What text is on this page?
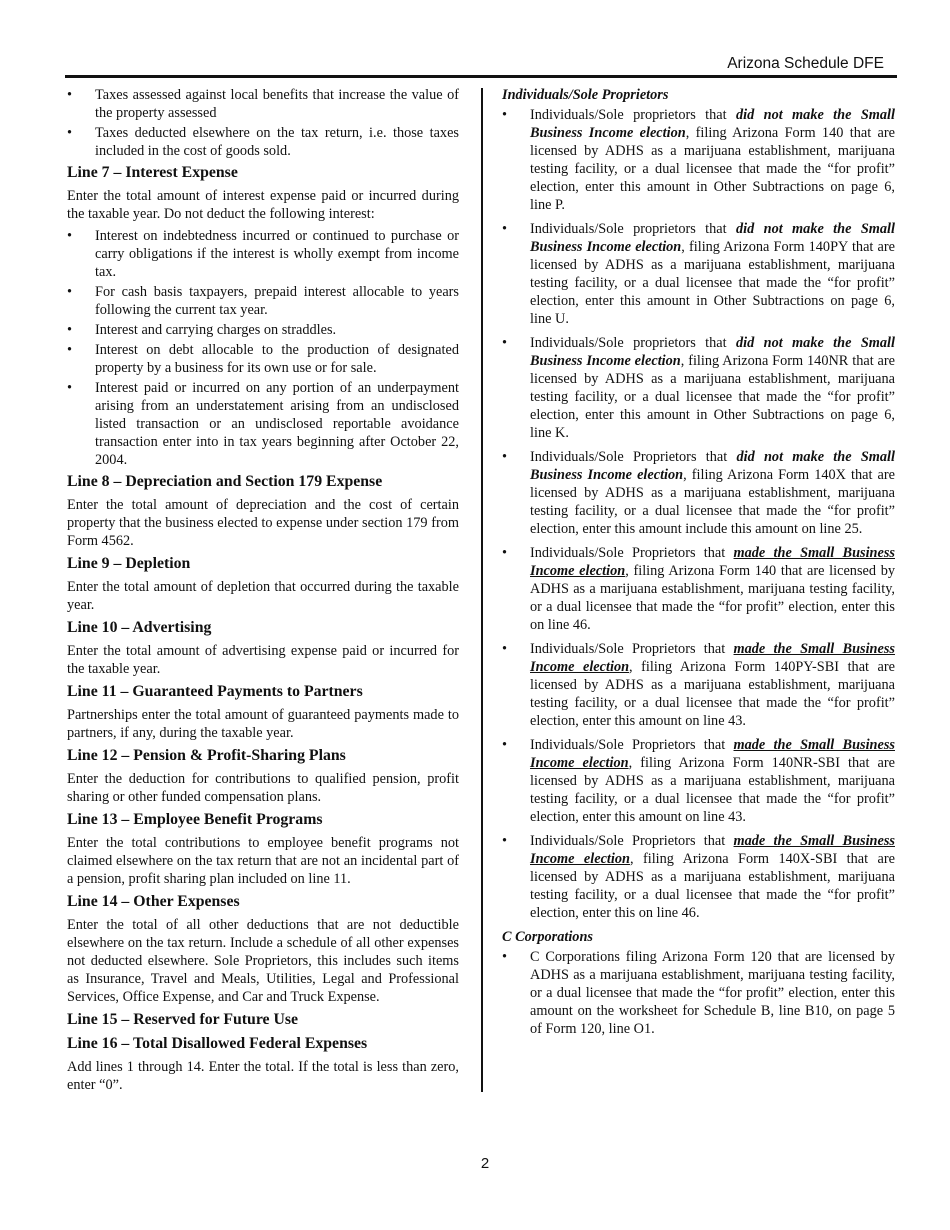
Arizona Schedule DFE
• Taxes assessed against local benefits that increase the value of the property assessed
• Taxes deducted elsewhere on the tax return, i.e. those taxes included in the cost of goods sold.
Line 7 – Interest Expense

Enter the total amount of interest expense paid or incurred during the taxable year. Do not deduct the following interest:

• Interest on indebtedness incurred or continued to purchase or carry obligations if the interest is wholly exempt from income tax.
• For cash basis taxpayers, prepaid interest allocable to years following the current tax year.
• Interest and carrying charges on straddles.
• Interest on debt allocable to the production of designated property by a business for its own use or for sale.
• Interest paid or incurred on any portion of an underpayment arising from an understatement arising from an undisclosed listed transaction or an undisclosed reportable avoidance transaction enter into in tax years beginning after October 22, 2004.
Line 8 – Depreciation and Section 179 Expense

Enter the total amount of depreciation and the cost of certain property that the business elected to expense under section 179 from Form 4562.

Line 9 – Depletion

Enter the total amount of depletion that occurred during the taxable year.

Line 10 – Advertising

Enter the total amount of advertising expense paid or incurred for the taxable year.

Line 11 – Guaranteed Payments to Partners

Partnerships enter the total amount of guaranteed payments made to partners, if any, during the taxable year.

Line 12 – Pension & Profit-Sharing Plans

Enter the deduction for contributions to qualified pension, profit sharing or other funded compensation plans.

Line 13 – Employee Benefit Programs

Enter the total contributions to employee benefit programs not claimed elsewhere on the tax return that are not an incidental part of a pension, profit sharing plan included on line 11.

Line 14 – Other Expenses

Enter the total of all other deductions that are not deductible elsewhere on the tax return. Include a schedule of all other expenses not deducted elsewhere. Sole Proprietors, this includes such items as Insurance, Travel and Meals, Utilities, Legal and Professional Services, Office Expense, and Car and Truck Expense.

Line 15 – Reserved for Future Use
Line 16 – Total Disallowed Federal Expenses

Add lines 1 through 14. Enter the total. If the total is less than zero, enter “0”.

Individuals/Sole Proprietors
• Individuals/Sole proprietors that did not make the Small Business Income election, filing Arizona Form 140 that are licensed by ADHS as a marijuana establishment, marijuana testing facility, or a dual licensee that made the “for profit” election, enter this amount in Other Subtractions on page 6, line P.
• Individuals/Sole proprietors that did not make the Small Business Income election, filing Arizona Form 140PY that are licensed by ADHS as a marijuana establishment, marijuana testing facility, or a dual licensee that made the “for profit” election, enter this amount in Other Subtractions on page 6, line U.
• Individuals/Sole proprietors that did not make the Small Business Income election, filing Arizona Form 140NR that are licensed by ADHS as a marijuana establishment, marijuana testing facility, or a dual licensee that made the “for profit” election, enter this amount in Other Subtractions on page 6, line K.
• Individuals/Sole Proprietors that did not make the Small Business Income election, filing Arizona Form 140X that are licensed by ADHS as a marijuana establishment, marijuana testing facility, or a dual licensee that made the “for profit” election, enter this amount include this amount on line 25.
• Individuals/Sole Proprietors that made the Small Business Income election, filing Arizona Form 140 that are licensed by ADHS as a marijuana establishment, marijuana testing facility, or a dual licensee that made the “for profit” election, enter this on line 46.
• Individuals/Sole Proprietors that made the Small Business Income election, filing Arizona Form 140PY-SBI that are licensed by ADHS as a marijuana establishment, marijuana testing facility, or a dual licensee that made the “for profit” election, enter this amount on line 43.
• Individuals/Sole Proprietors that made the Small Business Income election, filing Arizona Form 140NR-SBI that are licensed by ADHS as a marijuana establishment, marijuana testing facility, or a dual licensee that made the “for profit” election, enter this amount on line 43.
• Individuals/Sole Proprietors that made the Small Business Income election, filing Arizona Form 140X-SBI that are licensed by ADHS as a marijuana establishment, marijuana testing facility, or a dual licensee that made the “for profit” election, enter this on line 46.
C Corporations
• C Corporations filing Arizona Form 120 that are licensed by ADHS as a marijuana establishment, marijuana testing facility, or a dual licensee that made the “for profit” election, enter this amount on the worksheet for Schedule B, line B10, on page 5 of Form 120, line O1.
2
